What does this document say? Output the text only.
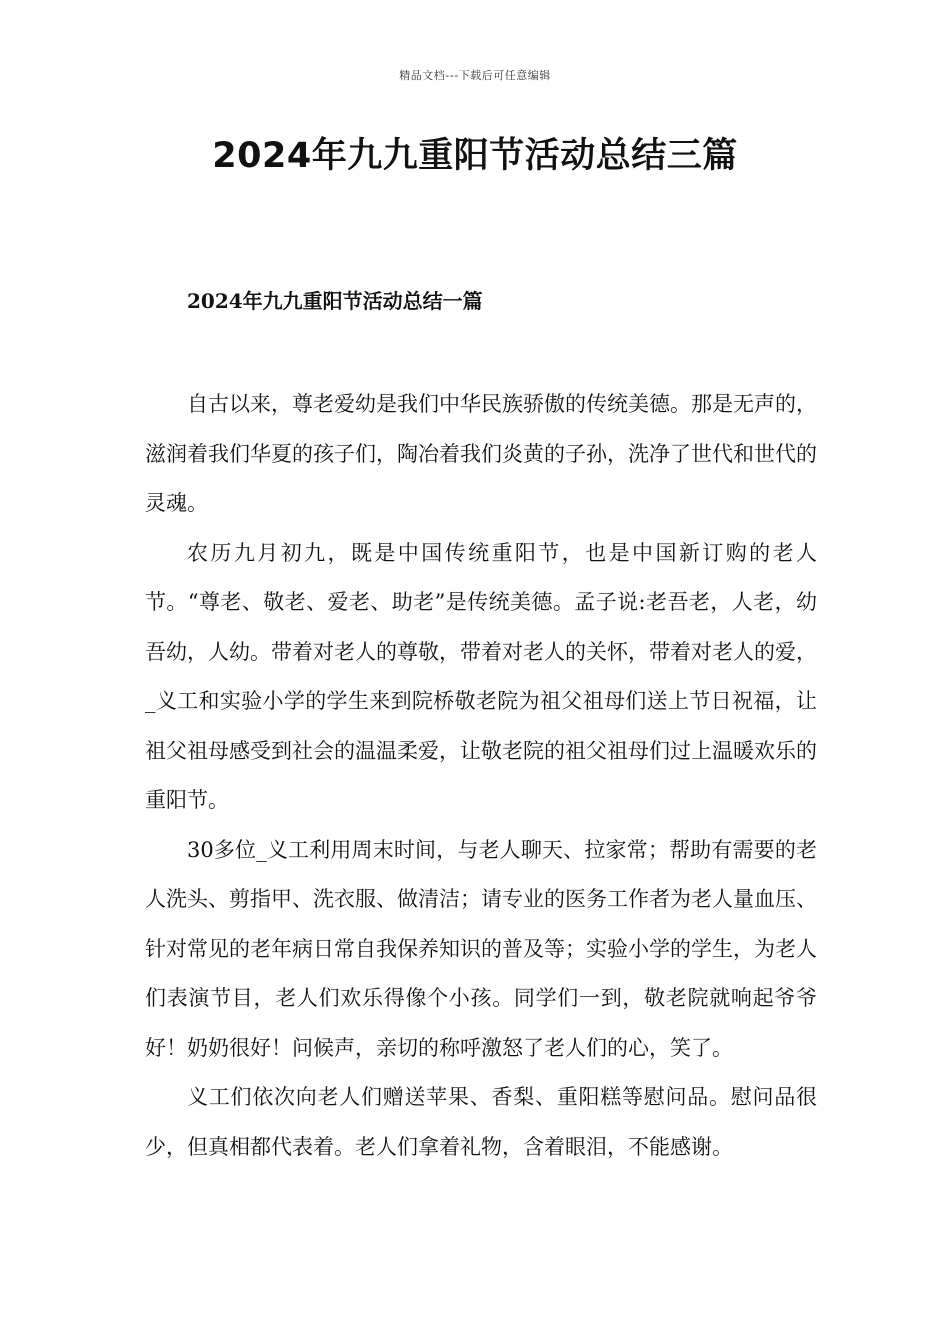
精品文档---下载后可任意编辑
2024年九九重阳节活动总结三篇
2024年九九重阳节活动总结一篇

自古以来，尊老爱幼是我们中华民族骄傲的传统美德。那是无声的，滋润着我们华夏的孩子们，陶冶着我们炎黄的子孙，洗净了世代和世代的灵魂。

农历九月初九，既是中国传统重阳节，也是中国新订购的老人节。“尊老、敬老、爱老、助老”是传统美德。孟子说:老吾老，人老，幼吾幼，人幼。带着对老人的尊敬，带着对老人的关怀，带着对老人的爱，_义工和实验小学的学生来到院桥敬老院为祖父祖母们送上节日祝福，让祖父祖母感受到社会的温温柔爱，让敬老院的祖父祖母们过上温暖欢乐的重阳节。

30多位_义工利用周末时间，与老人聊天、拉家常；帮助有需要的老人洗头、剪指甲、洗衣服、做清洁；请专业的医务工作者为老人量血压、针对常见的老年病日常自我保养知识的普及等；实验小学的学生，为老人们表演节目，老人们欢乐得像个小孩。同学们一到，敬老院就响起爷爷好！奶奶很好！问候声，亲切的称呼激怒了老人们的心，笑了。

义工们依次向老人们赠送苹果、香梨、重阳糕等慰问品。慰问品很少，但真相都代表着。老人们拿着礼物，含着眼泪，不能感谢。
